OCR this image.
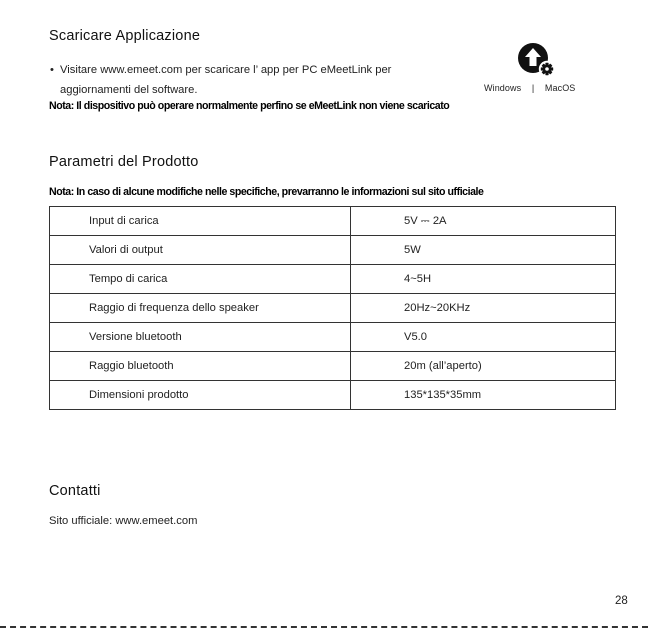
Scaricare Applicazione
• Visitare www.emeet.com per scaricare l’ app per PC eMeetLink per
aggiornamenti del software.
Nota: Il dispositivo può operare normalmente perfino se eMeetLink non viene scaricato
Windows | MacOS
Parametri del Prodotto
Nota: In caso di alcune modifiche nelle specifiche, prevarranno le informazioni sul sito ufficiale
Input di carica	5V ⎓ 2A
Valori di output	5W
Tempo di carica	4~5H
Raggio di frequenza dello speaker	20Hz~20KHz
Versione bluetooth	V5.0
Raggio bluetooth	20m (all’aperto)
Dimensioni prodotto	135*135*35mm
Contatti
Sito ufficiale: www.emeet.com
28
